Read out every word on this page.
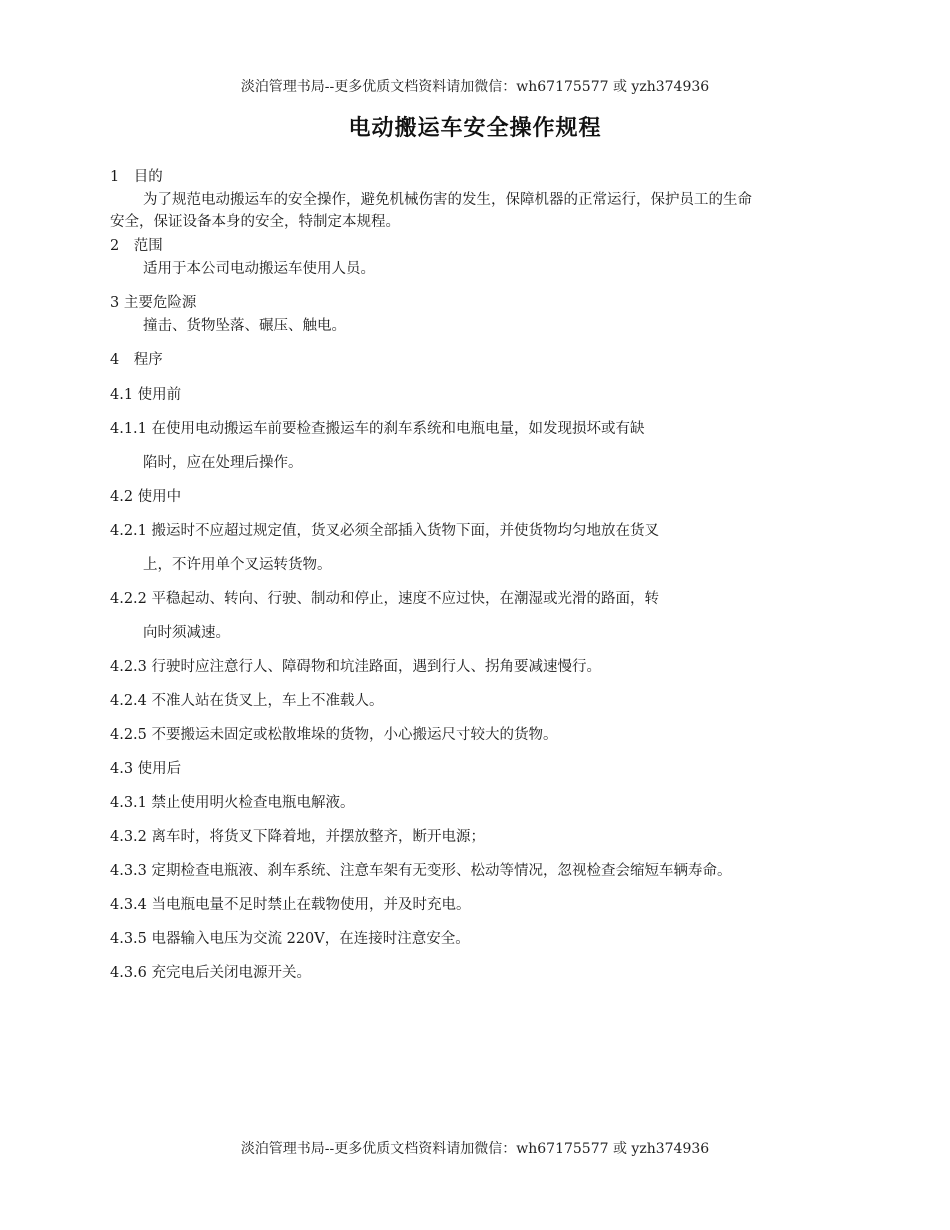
淡泊管理书局--更多优质文档资料请加微信：wh67175577 或 yzh374936
电动搬运车安全操作规程
1　目的
为了规范电动搬运车的安全操作，避免机械伤害的发生，保障机器的正常运行，保护员工的生命
安全，保证设备本身的安全，特制定本规程。
2　范围
适用于本公司电动搬运车使用人员。
3 主要危险源
撞击、货物坠落、碾压、触电。
4　程序
4.1 使用前
4.1.1 在使用电动搬运车前要检查搬运车的刹车系统和电瓶电量，如发现损坏或有缺
陷时，应在处理后操作。
4.2 使用中
4.2.1 搬运时不应超过规定值，货叉必须全部插入货物下面，并使货物均匀地放在货叉
上，不许用单个叉运转货物。
4.2.2 平稳起动、转向、行驶、制动和停止，速度不应过快，在潮湿或光滑的路面，转
向时须减速。
4.2.3 行驶时应注意行人、障碍物和坑洼路面，遇到行人、拐角要减速慢行。
4.2.4 不准人站在货叉上，车上不准载人。
4.2.5 不要搬运未固定或松散堆垛的货物，小心搬运尺寸较大的货物。
4.3 使用后
4.3.1 禁止使用明火检查电瓶电解液。
4.3.2 离车时，将货叉下降着地，并摆放整齐，断开电源；
4.3.3 定期检查电瓶液、刹车系统、注意车架有无变形、松动等情况，忽视检查会缩短车辆寿命。
4.3.4 当电瓶电量不足时禁止在载物使用，并及时充电。
4.3.5 电器输入电压为交流 220V，在连接时注意安全。
4.3.6 充完电后关闭电源开关。
淡泊管理书局--更多优质文档资料请加微信：wh67175577 或 yzh374936
